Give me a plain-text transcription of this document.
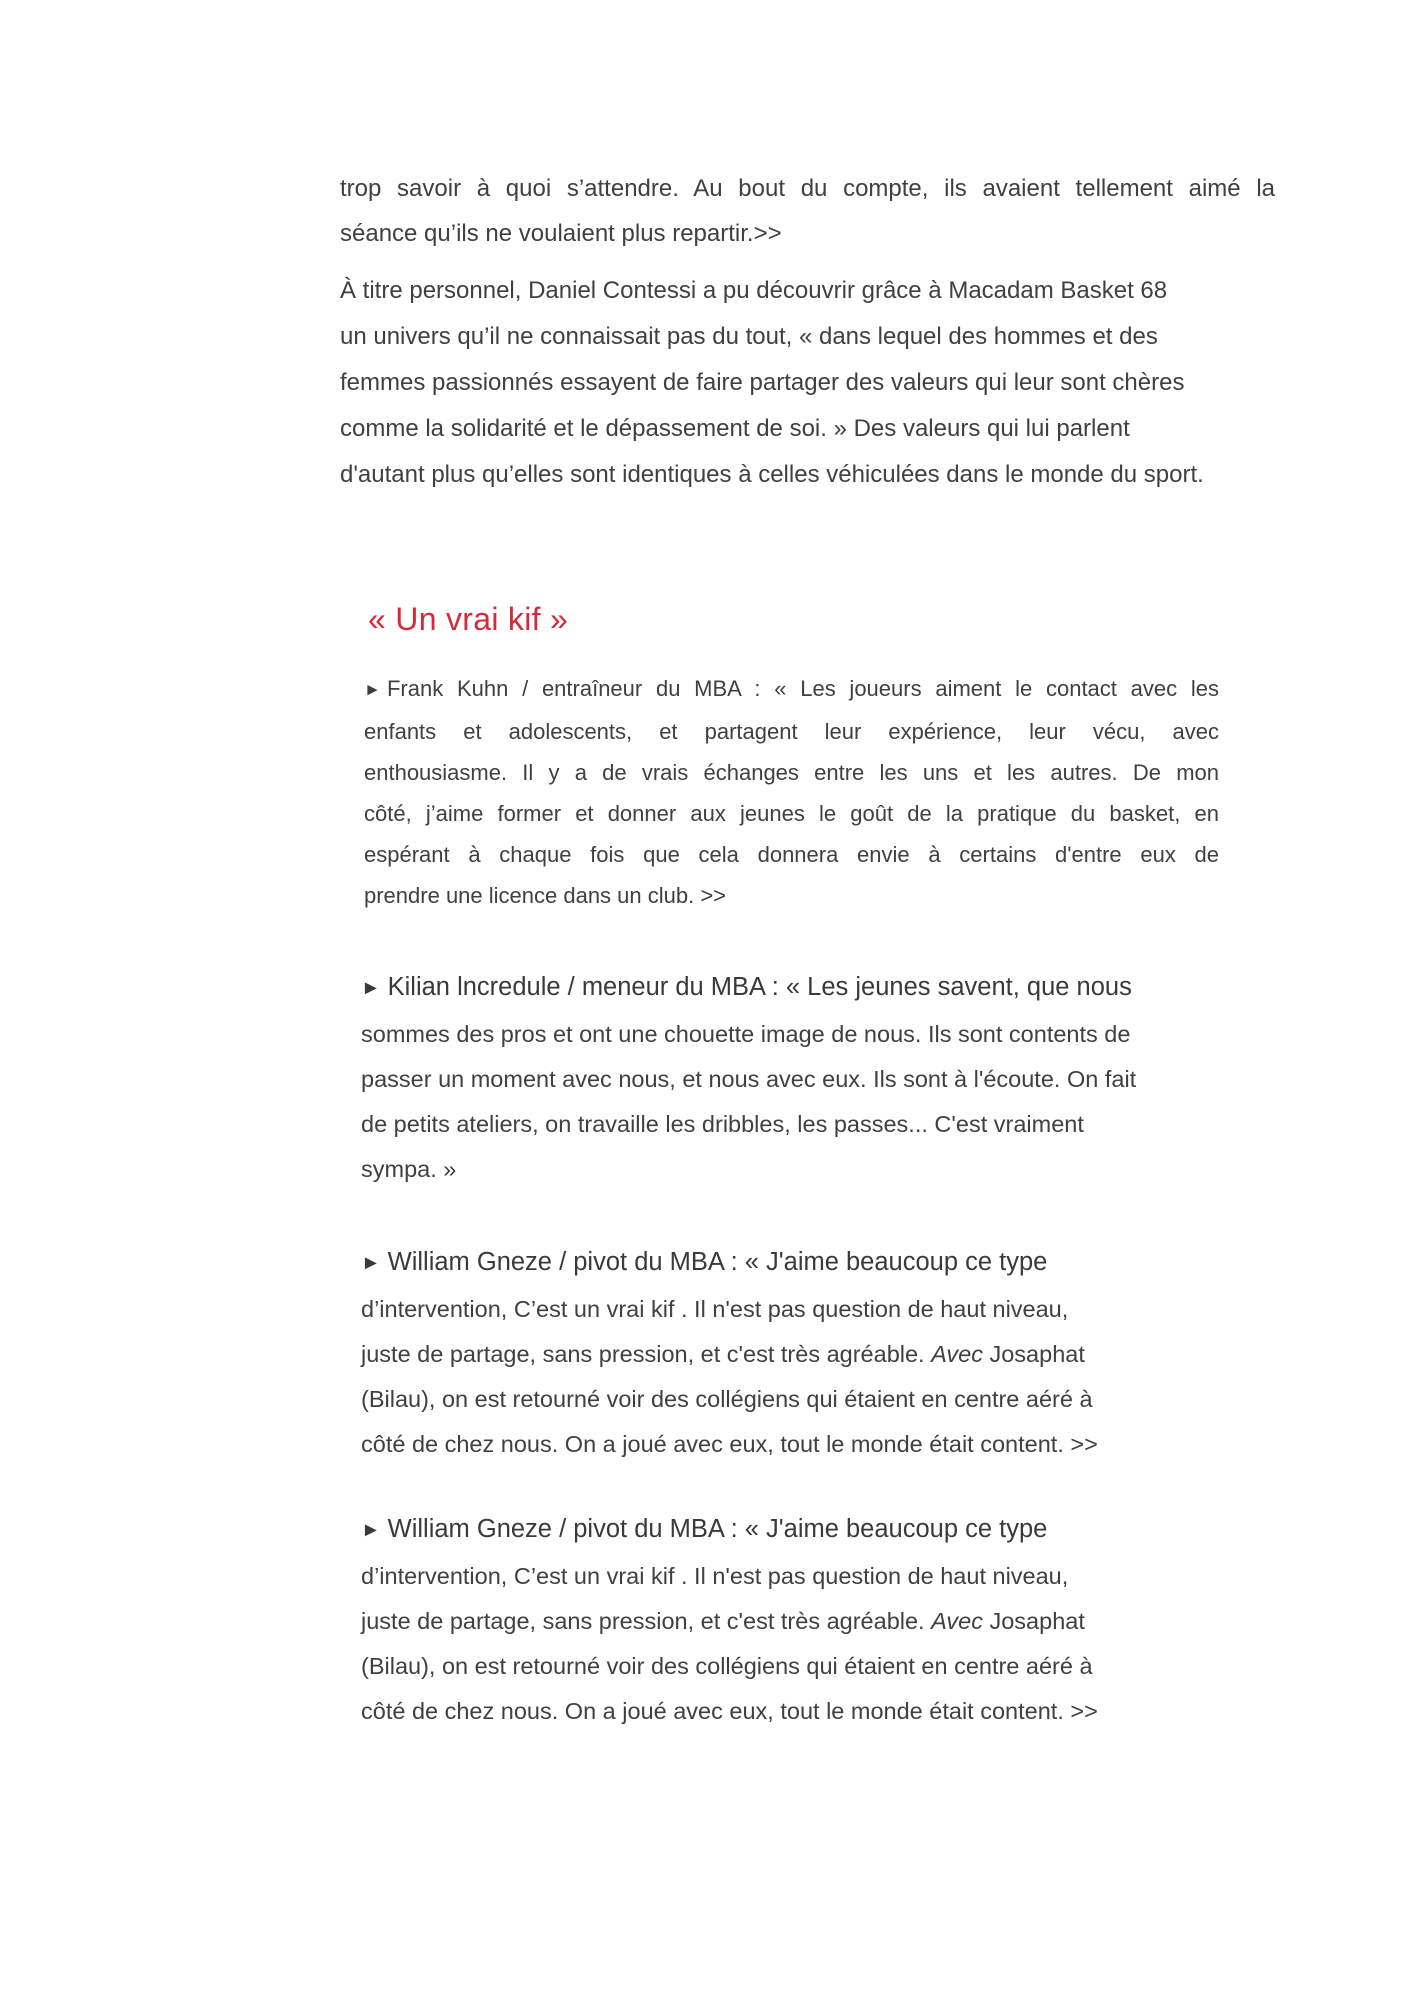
trop savoir à quoi s’attendre. Au bout du compte, ils avaient tellement aimé la
séance qu’ils ne voulaient plus repartir.>>
À titre personnel, Daniel Contessi a pu découvrir grâce à Macadam Basket 68
un univers qu’il ne connaissait pas du tout, « dans lequel des hommes et des
femmes passionnés essayent de faire partager des valeurs qui leur sont chères
comme la solidarité et le dépassement de soi. » Des valeurs qui lui parlent
d'autant plus qu’elles sont identiques à celles véhiculées dans le monde du sport.
« Un vrai kif »
► Frank Kuhn / entraîneur du MBA : « Les joueurs aiment le contact avec les
enfants et adolescents, et partagent leur expérience, leur vécu, avec
enthousiasme. Il y a de vrais échanges entre les uns et les autres. De mon
côté, j’aime former et donner aux jeunes le goût de la pratique du basket, en
espérant à chaque fois que cela donnera envie à certains d'entre eux de
prendre une licence dans un club. >>
► Kilian lncredule / meneur du MBA : « Les jeunes savent, que nous
sommes des pros et ont une chouette image de nous. Ils sont contents de
passer un moment avec nous, et nous avec eux. Ils sont à l'écoute. On fait
de petits ateliers, on travaille les dribbles, les passes... C'est vraiment
sympa. »
► William Gneze / pivot du MBA : « J'aime beaucoup ce type
d’intervention, C’est un vrai kif . Il n'est pas question de haut niveau,
juste de partage, sans pression, et c'est très agréable. Avec Josaphat
(Bilau), on est retourné voir des collégiens qui étaient en centre aéré à
côté de chez nous. On a joué avec eux, tout le monde était content. >>
► William Gneze / pivot du MBA : « J'aime beaucoup ce type
d’intervention, C’est un vrai kif . Il n'est pas question de haut niveau,
juste de partage, sans pression, et c'est très agréable. Avec Josaphat
(Bilau), on est retourné voir des collégiens qui étaient en centre aéré à
côté de chez nous. On a joué avec eux, tout le monde était content. >>
